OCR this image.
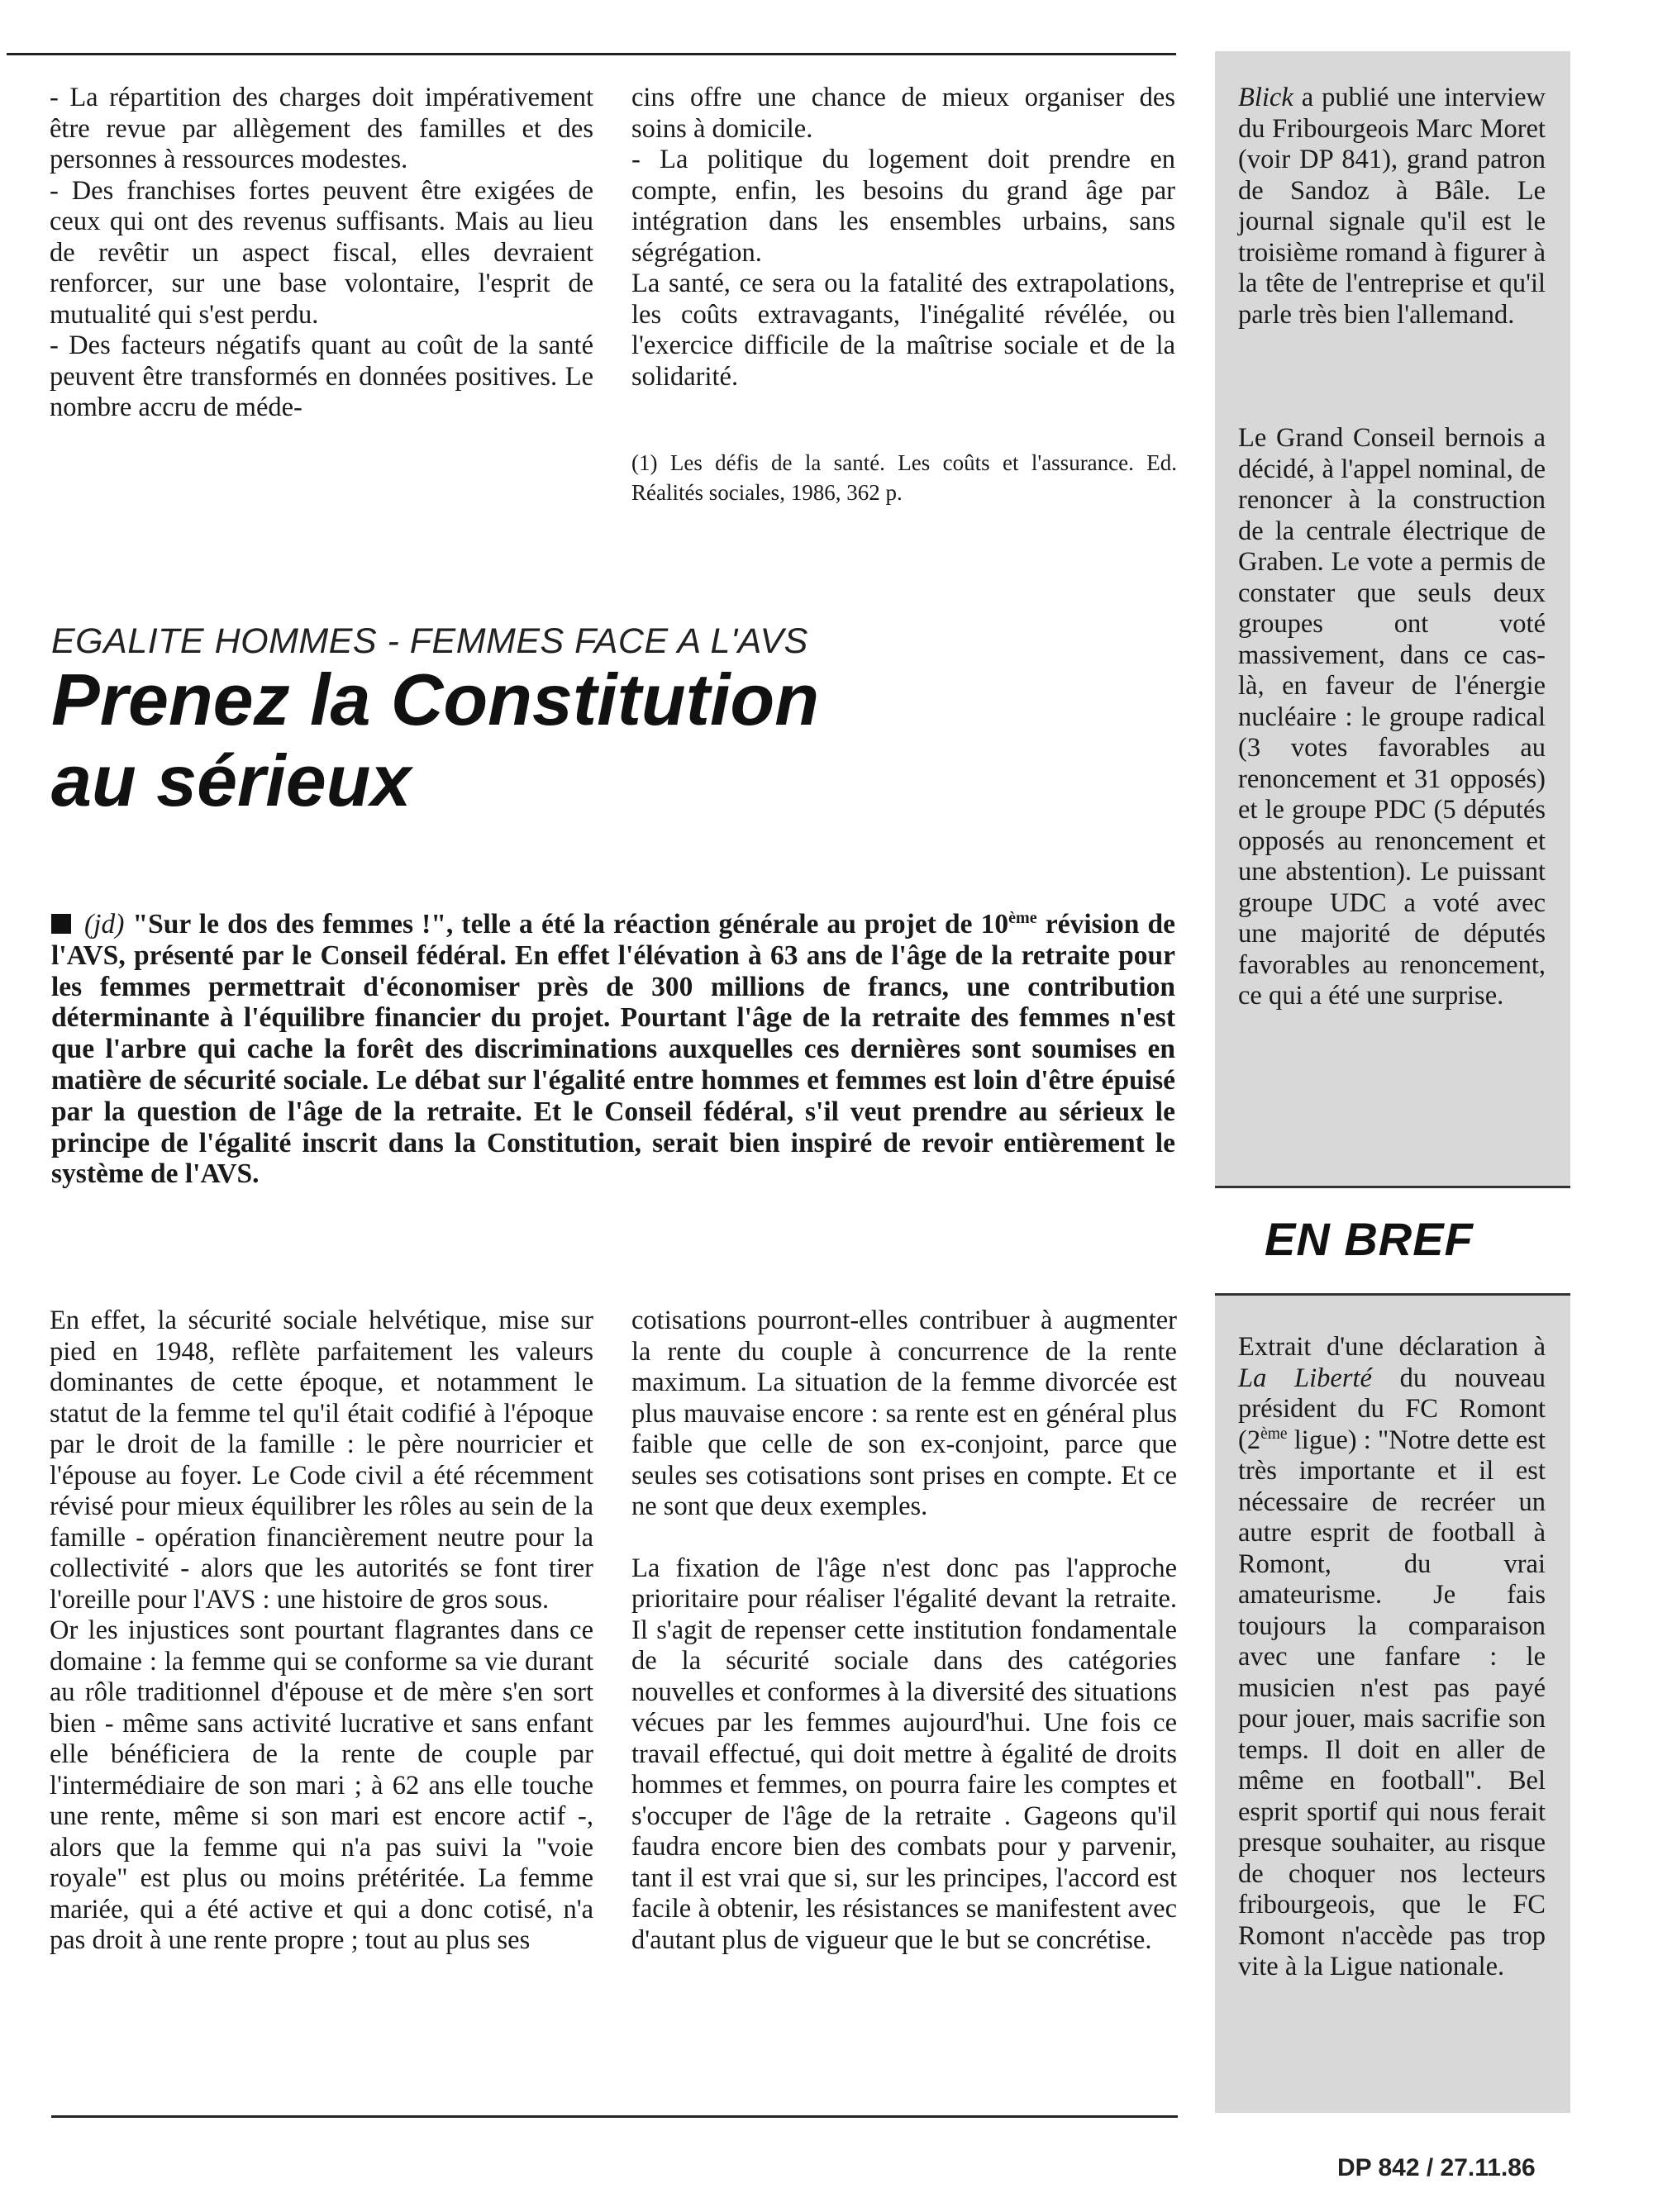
- La répartition des charges doit impérativement être revue par allègement des familles et des personnes à ressources modestes.

- Des franchises fortes peuvent être exigées de ceux qui ont des revenus suffisants. Mais au lieu de revêtir un aspect fiscal, elles devraient renforcer, sur une base volontaire, l'esprit de mutualité qui s'est perdu.

- Des facteurs négatifs quant au coût de la santé peuvent être transformés en données positives. Le nombre accru de méde-

cins offre une chance de mieux organiser des soins à domicile.

- La politique du logement doit prendre en compte, enfin, les besoins du grand âge par intégration dans les ensembles urbains, sans ségrégation.

La santé, ce sera ou la fatalité des extrapolations, les coûts extravagants, l'inégalité révélée, ou l'exercice difficile de la maîtrise sociale et de la solidarité.

(1) Les défis de la santé. Les coûts et l'assurance. Ed. Réalités sociales, 1986, 362 p.

EGALITE HOMMES - FEMMES FACE A L'AVS

Prenez la Constitution
au sérieux

(jd) "Sur le dos des femmes !", telle a été la réaction générale au projet de 10ème révision de l'AVS, présenté par le Conseil fédéral. En effet l'élévation à 63 ans de l'âge de la retraite pour les femmes permettrait d'économiser près de 300 millions de francs, une contribution déterminante à l'équilibre financier du projet. Pourtant l'âge de la retraite des femmes n'est que l'arbre qui cache la forêt des discriminations auxquelles ces dernières sont soumises en matière de sécurité sociale. Le débat sur l'égalité entre hommes et femmes est loin d'être épuisé par la question de l'âge de la retraite. Et le Conseil fédéral, s'il veut prendre au sérieux le principe de l'égalité inscrit dans la Constitution, serait bien inspiré de revoir entièrement le système de l'AVS.

En effet, la sécurité sociale helvétique, mise sur pied en 1948, reflète parfaitement les valeurs dominantes de cette époque, et notamment le statut de la femme tel qu'il était codifié à l'époque par le droit de la famille : le père nourricier et l'épouse au foyer. Le Code civil a été récemment révisé pour mieux équilibrer les rôles au sein de la famille - opération financièrement neutre pour la collectivité - alors que les autorités se font tirer l'oreille pour l'AVS : une histoire de gros sous.

Or les injustices sont pourtant flagrantes dans ce domaine : la femme qui se conforme sa vie durant au rôle traditionnel d'épouse et de mère s'en sort bien - même sans activité lucrative et sans enfant elle bénéficiera de la rente de couple par l'intermédiaire de son mari ; à 62 ans elle touche une rente, même si son mari est encore actif -, alors que la femme qui n'a pas suivi la "voie royale" est plus ou moins prétéritée. La femme mariée, qui a été active et qui a donc cotisé, n'a pas droit à une rente propre ; tout au plus ses

cotisations pourront-elles contribuer à augmenter la rente du couple à concurrence de la rente maximum. La situation de la femme divorcée est plus mauvaise encore : sa rente est en général plus faible que celle de son ex-conjoint, parce que seules ses cotisations sont prises en compte. Et ce ne sont que deux exemples.

La fixation de l'âge n'est donc pas l'approche prioritaire pour réaliser l'égalité devant la retraite. Il s'agit de repenser cette institution fondamentale de la sécurité sociale dans des catégories nouvelles et conformes à la diversité des situations vécues par les femmes aujourd'hui. Une fois ce travail effectué, qui doit mettre à égalité de droits hommes et femmes, on pourra faire les comptes et s'occuper de l'âge de la retraite . Gageons qu'il faudra encore bien des combats pour y parvenir, tant il est vrai que si, sur les principes, l'accord est facile à obtenir, les résistances se manifestent avec d'autant plus de vigueur que le but se concrétise.

Blick a publié une interview du Fribourgeois Marc Moret (voir DP 841), grand patron de Sandoz à Bâle. Le journal signale qu'il est le troisième romand à figurer à la tête de l'entreprise et qu'il parle très bien l'allemand.

Le Grand Conseil bernois a décidé, à l'appel nominal, de renoncer à la construction de la centrale électrique de Graben. Le vote a permis de constater que seuls deux groupes ont voté massivement, dans ce cas-là, en faveur de l'énergie nucléaire : le groupe radical (3 votes favorables au renoncement et 31 opposés) et le groupe PDC (5 députés opposés au renoncement et une abstention). Le puissant groupe UDC a voté avec une majorité de députés favorables au renoncement, ce qui a été une surprise.

EN BREF

Extrait d'une déclaration à La Liberté du nouveau président du FC Romont (2ème ligue) : "Notre dette est très importante et il est nécessaire de recréer un autre esprit de football à Romont, du vrai amateurisme. Je fais toujours la comparaison avec une fanfare : le musicien n'est pas payé pour jouer, mais sacrifie son temps. Il doit en aller de même en football". Bel esprit sportif qui nous ferait presque souhaiter, au risque de choquer nos lecteurs fribourgeois, que le FC Romont n'accède pas trop vite à la Ligue nationale.

DP 842 / 27.11.86
